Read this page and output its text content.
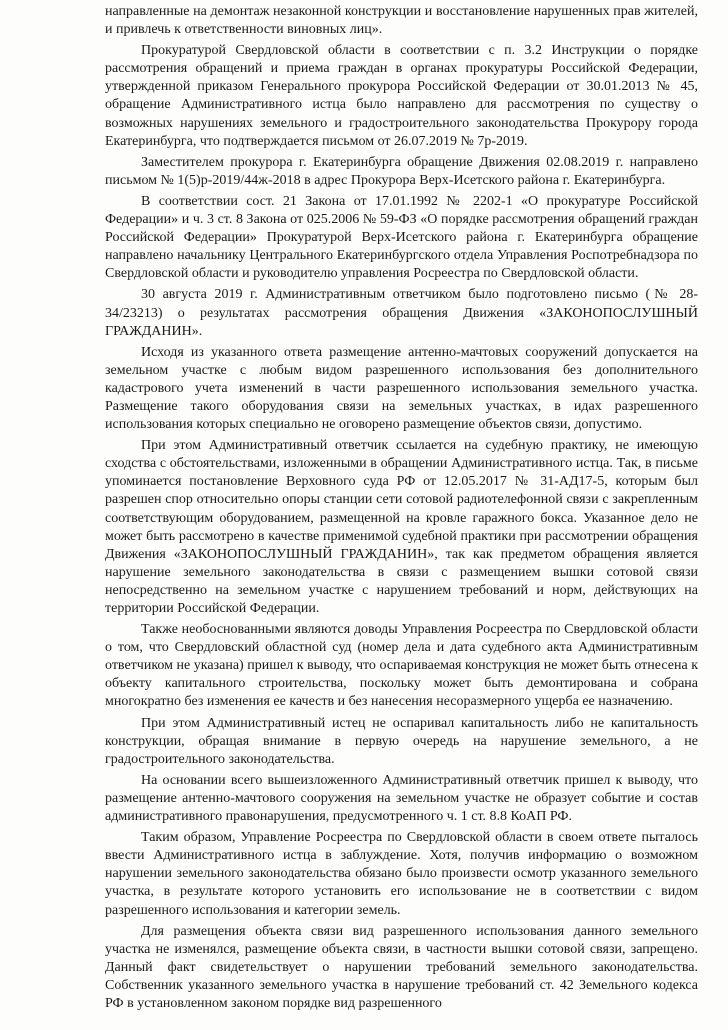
направленные на демонтаж незаконной конструкции и восстановление нарушенных прав жителей, и привлечь к ответственности виновных лиц».

Прокуратурой Свердловской области в соответствии с п. 3.2 Инструкции о порядке рассмотрения обращений и приема граждан в органах прокуратуры Российской Федерации, утвержденной приказом Генерального прокурора Российской Федерации от 30.01.2013 № 45, обращение Административного истца было направлено для рассмотрения по существу о возможных нарушениях земельного и градостроительного законодательства Прокурору города Екатеринбурга, что подтверждается письмом от 26.07.2019 № 7р-2019.

Заместителем прокурора г. Екатеринбурга обращение Движения 02.08.2019 г. направлено письмом № 1(5)р-2019/44ж-2018 в адрес Прокурора Верх-Исетского района г. Екатеринбурга.

В соответствии сост. 21 Закона от 17.01.1992 № 2202-1 «О прокуратуре Российской Федерации» и ч. 3 ст. 8 Закона от 025.2006 № 59-ФЗ «О порядке рассмотрения обращений граждан Российской Федерации» Прокуратурой Верх-Исетского района г. Екатеринбурга обращение направлено начальнику Центрального Екатеринбургского отдела Управления Роспотребнадзора по Свердловской области и руководителю управления Росреестра по Свердловской области.

30 августа 2019 г. Административным ответчиком было подготовлено письмо (№ 28-34/23213) о результатах рассмотрения обращения Движения «ЗАКОНОПОСЛУШНЫЙ ГРАЖДАНИН».

Исходя из указанного ответа размещение антенно-мачтовых сооружений допускается на земельном участке с любым видом разрешенного использования без дополнительного кадастрового учета изменений в части разрешенного использования земельного участка. Размещение такого оборудования связи на земельных участках, в идах разрешенного использования которых специально не оговорено размещение объектов связи, допустимо.

При этом Административный ответчик ссылается на судебную практику, не имеющую сходства с обстоятельствами, изложенными в обращении Административного истца. Так, в письме упоминается постановление Верховного суда РФ от 12.05.2017 № 31-АД17-5, которым был разрешен спор относительно опоры станции сети сотовой радиотелефонной связи с закрепленным соответствующим оборудованием, размещенной на кровле гаражного бокса. Указанное дело не может быть рассмотрено в качестве применимой судебной практики при рассмотрении обращения Движения «ЗАКОНОПОСЛУШНЫЙ ГРАЖДАНИН», так как предметом обращения является нарушение земельного законодательства в связи с размещением вышки сотовой связи непосредственно на земельном участке с нарушением требований и норм, действующих на территории Российской Федерации.

Также необоснованными являются доводы Управления Росреестра по Свердловской области о том, что Свердловский областной суд (номер дела и дата судебного акта Административным ответчиком не указана) пришел к выводу, что оспариваемая конструкция не может быть отнесена к объекту капитального строительства, поскольку может быть демонтирована и собрана многократно без изменения ее качеств и без нанесения несоразмерного ущерба ее назначению.

При этом Административный истец не оспаривал капитальность либо не капитальность конструкции, обращая внимание в первую очередь на нарушение земельного, а не градостроительного законодательства.

На основании всего вышеизложенного Административный ответчик пришел к выводу, что размещение антенно-мачтового сооружения на земельном участке не образует событие и состав административного правонарушения, предусмотренного ч. 1 ст. 8.8 КоАП РФ.

Таким образом, Управление Росреестра по Свердловской области в своем ответе пыталось ввести Административного истца в заблуждение. Хотя, получив информацию о возможном нарушении земельного законодательства обязано было произвести осмотр указанного земельного участка, в результате которого установить его использование не в соответствии с видом разрешенного использования и категории земель.

Для размещения объекта связи вид разрешенного использования данного земельного участка не изменялся, размещение объекта связи, в частности вышки сотовой связи, запрещено. Данный факт свидетельствует о нарушении требований земельного законодательства. Собственник указанного земельного участка в нарушение требований ст. 42 Земельного кодекса РФ в установленном законом порядке вид разрешенного
